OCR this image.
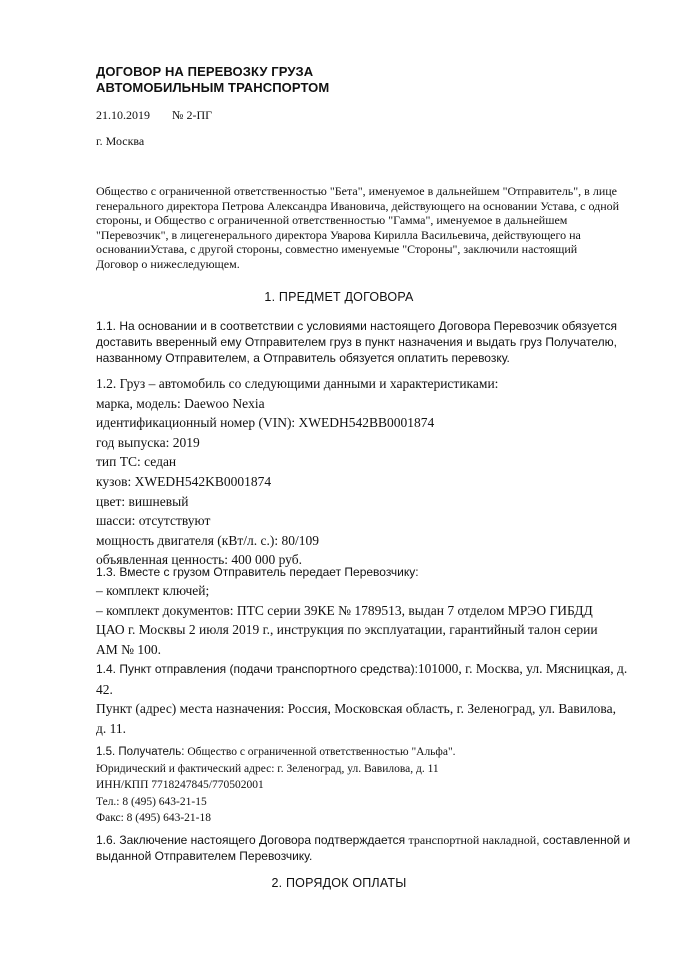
ДОГОВОР НА ПЕРЕВОЗКУ ГРУЗА
АВТОМОБИЛЬНЫМ ТРАНСПОРТОМ
21.10.2019 № 2-ПГ
г. Москва
Общество с ограниченной ответственностью "Бета", именуемое в дальнейшем "Отправитель", в лице
генерального директора Петрова Александра Ивановича, действующего на основании Устава, с одной
стороны, и Общество с ограниченной ответственностью "Гамма", именуемое в дальнейшем
"Перевозчик", в лицегенерального директора Уварова Кирилла Васильевича, действующего на
основанииУстава, с другой стороны, совместно именуемые "Стороны", заключили настоящий
Договор о нижеследующем.
1. ПРЕДМЕТ ДОГОВОРА
1.1. На основании и в соответствии с условиями настоящего Договора Перевозчик обязуется
доставить вверенный ему Отправителем груз в пункт назначения и выдать груз Получателю,
названному Отправителем, а Отправитель обязуется оплатить перевозку.
1.2. Груз – автомобиль со следующими данными и характеристиками:
марка, модель: Daewoo Nexia
идентификационный номер (VIN): XWEDH542BB0001874
год выпуска: 2019
тип ТС: седан
кузов: XWEDH542KB0001874
цвет: вишневый
шасси: отсутствуют
мощность двигателя (кВт/л. с.): 80/109
объявленная ценность: 400 000 руб.
1.3. Вместе с грузом Отправитель передает Перевозчику:
– комплект ключей;
– комплект документов: ПТС серии 39КЕ № 1789513, выдан 7 отделом МРЭО ГИБДД
ЦАО г. Москвы 2 июля 2019 г., инструкция по эксплуатации, гарантийный талон серии
АМ № 100.
1.4. Пункт отправления (подачи транспортного средства):101000, г. Москва, ул. Мясницкая, д.
42.
Пункт (адрес) места назначения: Россия, Московская область, г. Зеленоград, ул. Вавилова,
д. 11.
1.5. Получатель: Общество с ограниченной ответственностью "Альфа".
Юридический и фактический адрес: г. Зеленоград, ул. Вавилова, д. 11
ИНН/КПП 7718247845/770502001
Тел.: 8 (495) 643-21-15
Факс: 8 (495) 643-21-18
1.6. Заключение настоящего Договора подтверждается транспортной накладной, составленной и
выданной Отправителем Перевозчику.
2. ПОРЯДОК ОПЛАТЫ
